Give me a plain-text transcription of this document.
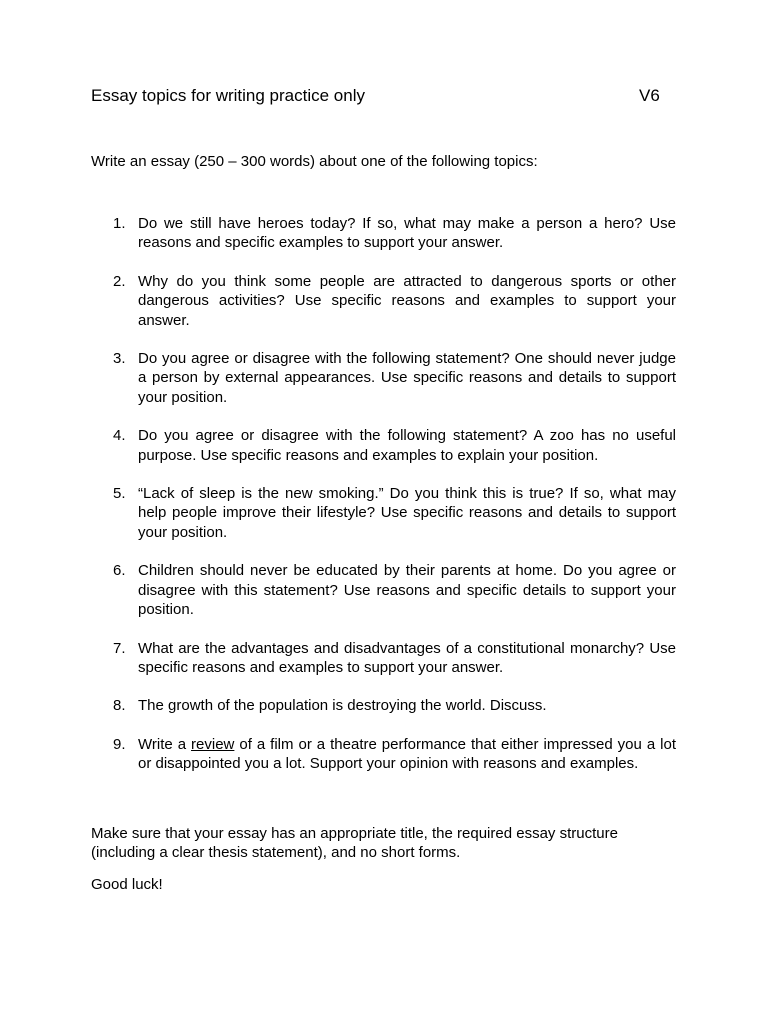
Essay topics for writing practice only	V6
Write an essay (250 – 300 words) about one of the following topics:
1. Do we still have heroes today? If so, what may make a person a hero? Use reasons and specific examples to support your answer.
2. Why do you think some people are attracted to dangerous sports or other dangerous activities? Use specific reasons and examples to support your answer.
3. Do you agree or disagree with the following statement? One should never judge a person by external appearances. Use specific reasons and details to support your position.
4. Do you agree or disagree with the following statement? A zoo has no useful purpose. Use specific reasons and examples to explain your position.
5. “Lack of sleep is the new smoking.” Do you think this is true? If so, what may help people improve their lifestyle? Use specific reasons and details to support your position.
6. Children should never be educated by their parents at home. Do you agree or disagree with this statement? Use reasons and specific details to support your position.
7. What are the advantages and disadvantages of a constitutional monarchy? Use specific reasons and examples to support your answer.
8. The growth of the population is destroying the world. Discuss.
9. Write a review of a film or a theatre performance that either impressed you a lot or disappointed you a lot. Support your opinion with reasons and examples.
Make sure that your essay has an appropriate title, the required essay structure (including a clear thesis statement), and no short forms.
Good luck!
